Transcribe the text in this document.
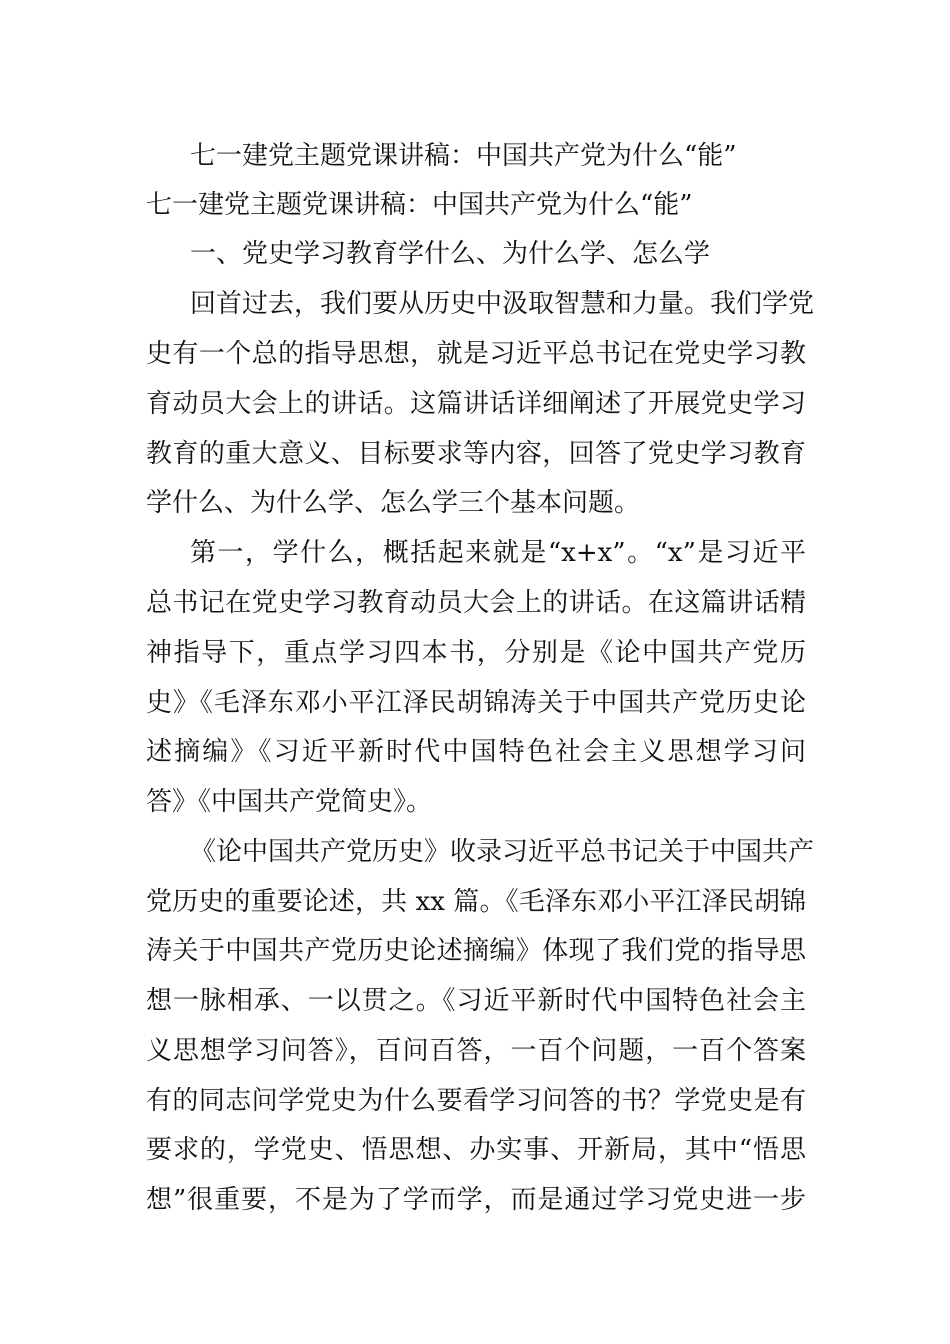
七一建党主题党课讲稿：中国共产党为什么“能”
七一建党主题党课讲稿：中国共产党为什么“能”
一、党史学习教育学什么、为什么学、怎么学
回首过去，我们要从历史中汲取智慧和力量。我们学党
史有一个总的指导思想，就是习近平总书记在党史学习教
育动员大会上的讲话。这篇讲话详细阐述了开展党史学习
教育的重大意义、目标要求等内容，回答了党史学习教育
学什么、为什么学、怎么学三个基本问题。
第一，学什么，概括起来就是“x+x”。“x”是习近平
总书记在党史学习教育动员大会上的讲话。在这篇讲话精
神指导下，重点学习四本书，分别是《论中国共产党历
史》《毛泽东邓小平江泽民胡锦涛关于中国共产党历史论
述摘编》《习近平新时代中国特色社会主义思想学习问
答》《中国共产党简史》。
《论中国共产党历史》收录习近平总书记关于中国共产
党历史的重要论述，共 xx 篇。《毛泽东邓小平江泽民胡锦
涛关于中国共产党历史论述摘编》体现了我们党的指导思
想一脉相承、一以贯之。《习近平新时代中国特色社会主
义思想学习问答》，百问百答，一百个问题，一百个答案
有的同志问学党史为什么要看学习问答的书？学党史是有
要求的，学党史、悟思想、办实事、开新局，其中“悟思
想”很重要，不是为了学而学，而是通过学习党史进一步
